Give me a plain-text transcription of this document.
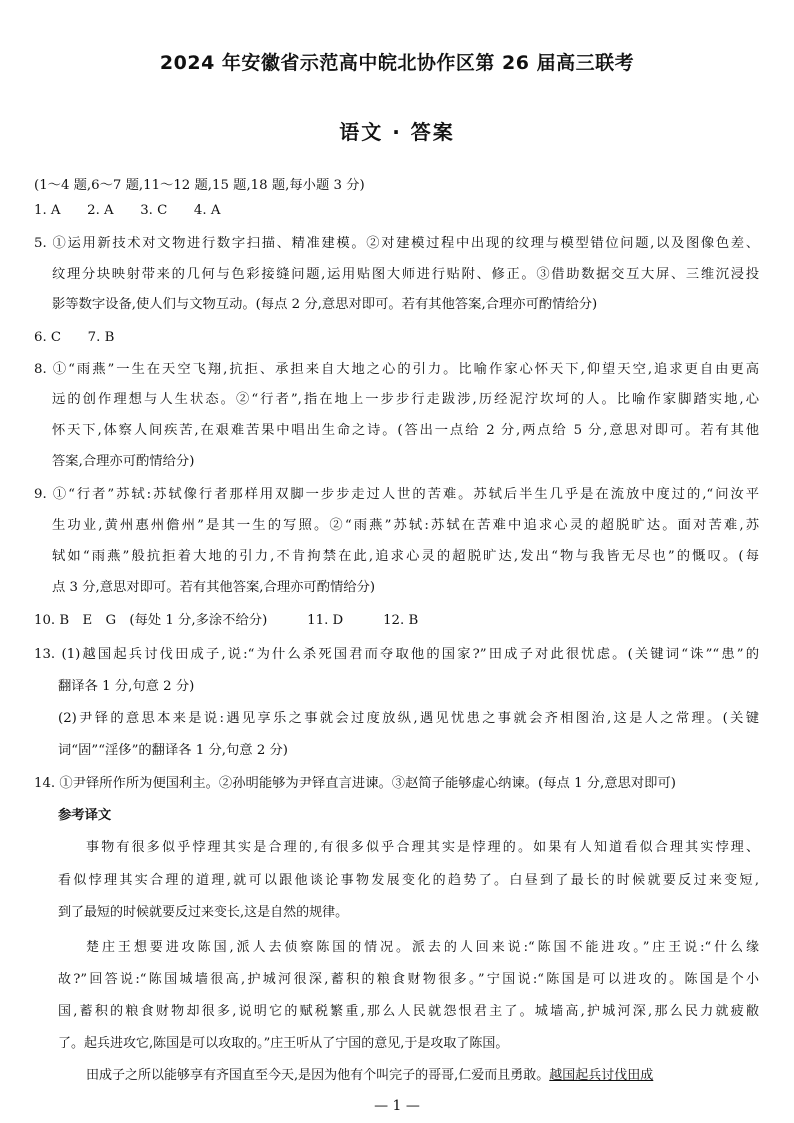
2024 年安徽省示范高中皖北协作区第 26 届高三联考
语文 · 答案
(1～4 题,6～7 题,11～12 题,15 题,18 题,每小题 3 分)
1. A　　2. A　　3. C　　4. A
5. ①运用新技术对文物进行数字扫描、精准建模。②对建模过程中出现的纹理与模型错位问题,以及图像色差、
纹理分块映射带来的几何与色彩接缝问题,运用贴图大师进行贴附、修正。③借助数据交互大屏、三维沉浸投
影等数字设备,使人们与文物互动。(每点 2 分,意思对即可。若有其他答案,合理亦可酌情给分)
6. C　　7. B
8. ①“雨燕”一生在天空飞翔,抗拒、承担来自大地之心的引力。比喻作家心怀天下,仰望天空,追求更自由更高
远的创作理想与人生状态。②“行者”,指在地上一步步行走跋涉,历经泥泞坎坷的人。比喻作家脚踏实地,心
怀天下,体察人间疾苦,在艰难苦果中唱出生命之诗。(答出一点给 2 分,两点给 5 分,意思对即可。若有其他
答案,合理亦可酌情给分)
9. ①“行者”苏轼:苏轼像行者那样用双脚一步步走过人世的苦难。苏轼后半生几乎是在流放中度过的,“问汝平
生功业,黄州惠州儋州”是其一生的写照。②“雨燕”苏轼:苏轼在苦难中追求心灵的超脱旷达。面对苦难,苏
轼如“雨燕”般抗拒着大地的引力,不肯拘禁在此,追求心灵的超脱旷达,发出“物与我皆无尽也”的慨叹。(每
点 3 分,意思对即可。若有其他答案,合理亦可酌情给分)
10. B　E　G　(每处 1 分,多涂不给分)　　　11. D　　　12. B
13. (1)越国起兵讨伐田成子,说:“为什么杀死国君而夺取他的国家?”田成子对此很忧虑。(关键词“诛”“患”的
翻译各 1 分,句意 2 分)
(2)尹铎的意思本来是说:遇见享乐之事就会过度放纵,遇见忧患之事就会齐相图治,这是人之常理。(关键
词“固”“淫侈”的翻译各 1 分,句意 2 分)
14. ①尹铎所作所为便国利主。②孙明能够为尹铎直言进谏。③赵简子能够虚心纳谏。(每点 1 分,意思对即可)
参考译文
事物有很多似乎悖理其实是合理的,有很多似乎合理其实是悖理的。如果有人知道看似合理其实悖理、
看似悖理其实合理的道理,就可以跟他谈论事物发展变化的趋势了。白昼到了最长的时候就要反过来变短,
到了最短的时候就要反过来变长,这是自然的规律。
楚庄王想要进攻陈国,派人去侦察陈国的情况。派去的人回来说:“陈国不能进攻。”庄王说:“什么缘
故?”回答说:“陈国城墙很高,护城河很深,蓄积的粮食财物很多。”宁国说:“陈国是可以进攻的。陈国是个小
国,蓄积的粮食财物却很多,说明它的赋税繁重,那么人民就怨恨君主了。城墙高,护城河深,那么民力就疲敝
了。起兵进攻它,陈国是可以攻取的。”庄王听从了宁国的意见,于是攻取了陈国。
田成子之所以能够享有齐国直至今天,是因为他有个叫完子的哥哥,仁爱而且勇敢。越国起兵讨伐田成
— 1 —
